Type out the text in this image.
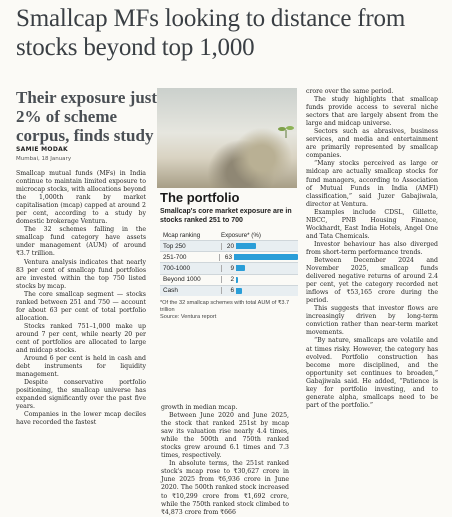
Smallcap MFs looking to distance from stocks beyond top 1,000
Their exposure just 2% of scheme corpus, finds study
SAMIE MODAK
Mumbai, 18 January

Smallcap mutual funds (MFs) in India continue to maintain limited exposure to microcap stocks, with allocations beyond the 1,000th rank by market capitalisation (mcap) capped at around 2 per cent, according to a study by domestic brokerage Ventura.

The 32 schemes falling in the smallcap fund category have assets under management (AUM) of around ₹3.7 trillion.

Ventura analysis indicates that nearly 83 per cent of smallcap fund portfolios are invested within the top 750 listed stocks by mcap.

The core smallcap segment — stocks ranked between 251 and 750 — account for about 63 per cent of total portfolio allocation.

Stocks ranked 751–1,000 make up around 7 per cent, while nearly 20 per cent of portfolios are allocated to large and midcap stocks.

Around 6 per cent is held in cash and debt instruments for liquidity management.

Despite conservative portfolio positioning, the smallcap universe has expanded significantly over the past five years.

Companies in the lower mcap deciles have recorded the fastest

The portfolio
Smallcap's core market exposure are in stocks ranked 251 to 700
Mcap ranking	Exposure* (%)
Top 250	20
251-700	63
700-1000	9
Beyond 1000	2
Cash	6
*Of the 32 smallcap schemes with total AUM of ₹3.7 trillion
Source: Ventura report

growth in median mcap.

Between June 2020 and June 2025, the stock that ranked 251st by mcap saw its valuation rise nearly 4.4 times, while the 500th and 750th ranked stocks grew around 6.1 times and 7.3 times, respectively.

In absolute terms, the 251st ranked stock's mcap rose to ₹30,627 crore in June 2025 from ₹6,936 crore in June 2020. The 500th ranked stock increased to ₹10,299 crore from ₹1,692 crore, while the 750th ranked stock climbed to ₹4,873 crore from ₹666

crore over the same period.

The study highlights that smallcap funds provide access to several niche sectors that are largely absent from the large and midcap universe.

Sectors such as abrasives, business services, and media and entertainment are primarily represented by smallcap companies.

“Many stocks perceived as large or midcap are actually smallcap stocks for fund managers, according to Association of Mutual Funds in India (AMFI) classification,” said Juzer Gabajiwala, director at Ventura.

Examples include CDSL, Gillette, NBCC, PNB Housing Finance, Wockhardt, East India Hotels, Angel One and Tata Chemicals.

Investor behaviour has also diverged from short-term performance trends.

Between December 2024 and November 2025, smallcap funds delivered negative returns of around 2.4 per cent, yet the category recorded net inflows of ₹53,165 crore during the period.

This suggests that investor flows are increasingly driven by long-term conviction rather than near-term market movements.

“By nature, smallcaps are volatile and at times risky. However, the category has evolved. Portfolio construction has become more disciplined, and the opportunity set continues to broaden,” Gabajiwala said. He added, “Patience is key for portfolio investing, and to generate alpha, smallcaps need to be part of the portfolio.”
